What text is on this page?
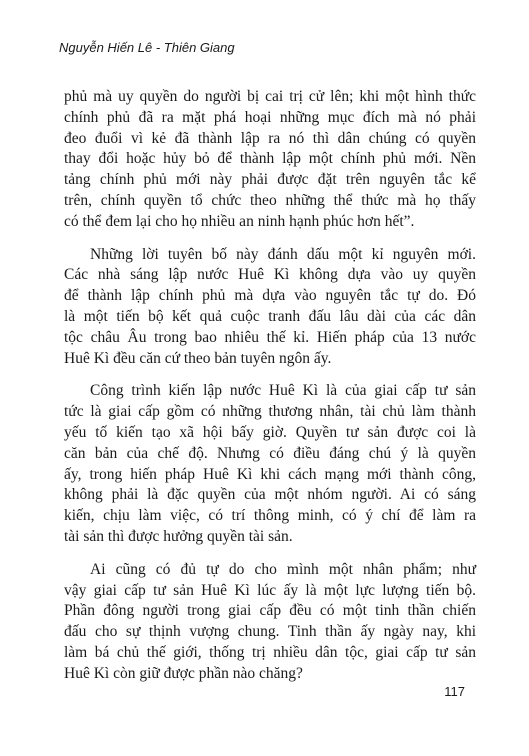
Nguyễn Hiến Lê - Thiên Giang
phủ mà uy quyền do người bị cai trị cử lên; khi một hình thức
chính phủ đã ra mặt phá hoại những mục đích mà nó phải
đeo đuổi vì kẻ đã thành lập ra nó thì dân chúng có quyền
thay đổi hoặc hủy bỏ để thành lập một chính phủ mới. Nền
tảng chính phủ mới này phải được đặt trên nguyên tắc kể
trên, chính quyền tổ chức theo những thể thức mà họ thấy
có thể đem lại cho họ nhiều an ninh hạnh phúc hơn hết”.
Những lời tuyên bố này đánh dấu một kỉ nguyên mới.
Các nhà sáng lập nước Huê Kì không dựa vào uy quyền
để thành lập chính phủ mà dựa vào nguyên tắc tự do. Đó
là một tiến bộ kết quả cuộc tranh đấu lâu dài của các dân
tộc châu Âu trong bao nhiêu thế kỉ. Hiến pháp của 13 nước
Huê Kì đều căn cứ theo bản tuyên ngôn ấy.
Công trình kiến lập nước Huê Kì là của giai cấp tư sản
tức là giai cấp gồm có những thương nhân, tài chủ làm thành
yếu tố kiến tạo xã hội bấy giờ. Quyền tư sản được coi là
căn bản của chế độ. Nhưng có điều đáng chú ý là quyền
ấy, trong hiến pháp Huê Kì khi cách mạng mới thành công,
không phải là đặc quyền của một nhóm người. Ai có sáng
kiến, chịu làm việc, có trí thông minh, có ý chí để làm ra
tài sản thì được hưởng quyền tài sản.
Ai cũng có đủ tự do cho mình một nhân phẩm; như
vậy giai cấp tư sản Huê Kì lúc ấy là một lực lượng tiến bộ.
Phần đông người trong giai cấp đều có một tinh thần chiến
đấu cho sự thịnh vượng chung. Tinh thần ấy ngày nay, khi
làm bá chủ thế giới, thống trị nhiều dân tộc, giai cấp tư sản
Huê Kì còn giữ được phần nào chăng?
117
